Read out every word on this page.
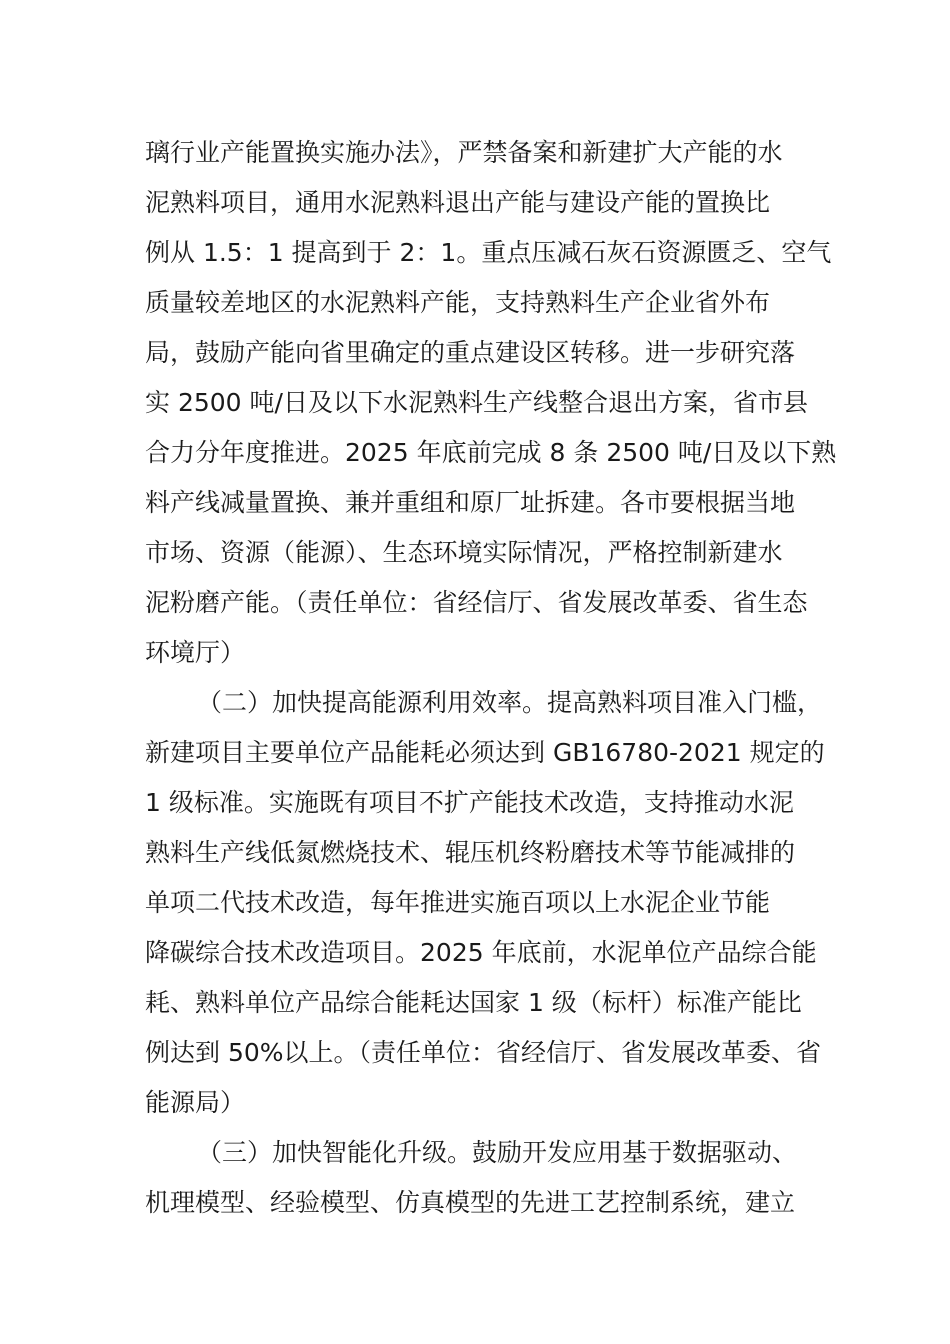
璃行业产能置换实施办法》，严禁备案和新建扩大产能的水
泥熟料项目，通用水泥熟料退出产能与建设产能的置换比
例从 1.5：1 提高到于 2：1。重点压减石灰石资源匮乏、空气
质量较差地区的水泥熟料产能，支持熟料生产企业省外布
局，鼓励产能向省里确定的重点建设区转移。进一步研究落
实 2500 吨/日及以下水泥熟料生产线整合退出方案，省市县
合力分年度推进。2025 年底前完成 8 条 2500 吨/日及以下熟
料产线减量置换、兼并重组和原厂址拆建。各市要根据当地
市场、资源（能源）、生态环境实际情况，严格控制新建水
泥粉磨产能。（责任单位：省经信厅、省发展改革委、省生态
环境厅）
（二）加快提高能源利用效率。提高熟料项目准入门槛，
新建项目主要单位产品能耗必须达到 GB16780-2021 规定的
1 级标准。实施既有项目不扩产能技术改造，支持推动水泥
熟料生产线低氮燃烧技术、辊压机终粉磨技术等节能减排的
单项二代技术改造，每年推进实施百项以上水泥企业节能
降碳综合技术改造项目。2025 年底前，水泥单位产品综合能
耗、熟料单位产品综合能耗达国家 1 级（标杆）标准产能比
例达到 50%以上。（责任单位：省经信厅、省发展改革委、省
能源局）
（三）加快智能化升级。鼓励开发应用基于数据驱动、
机理模型、经验模型、仿真模型的先进工艺控制系统，建立
